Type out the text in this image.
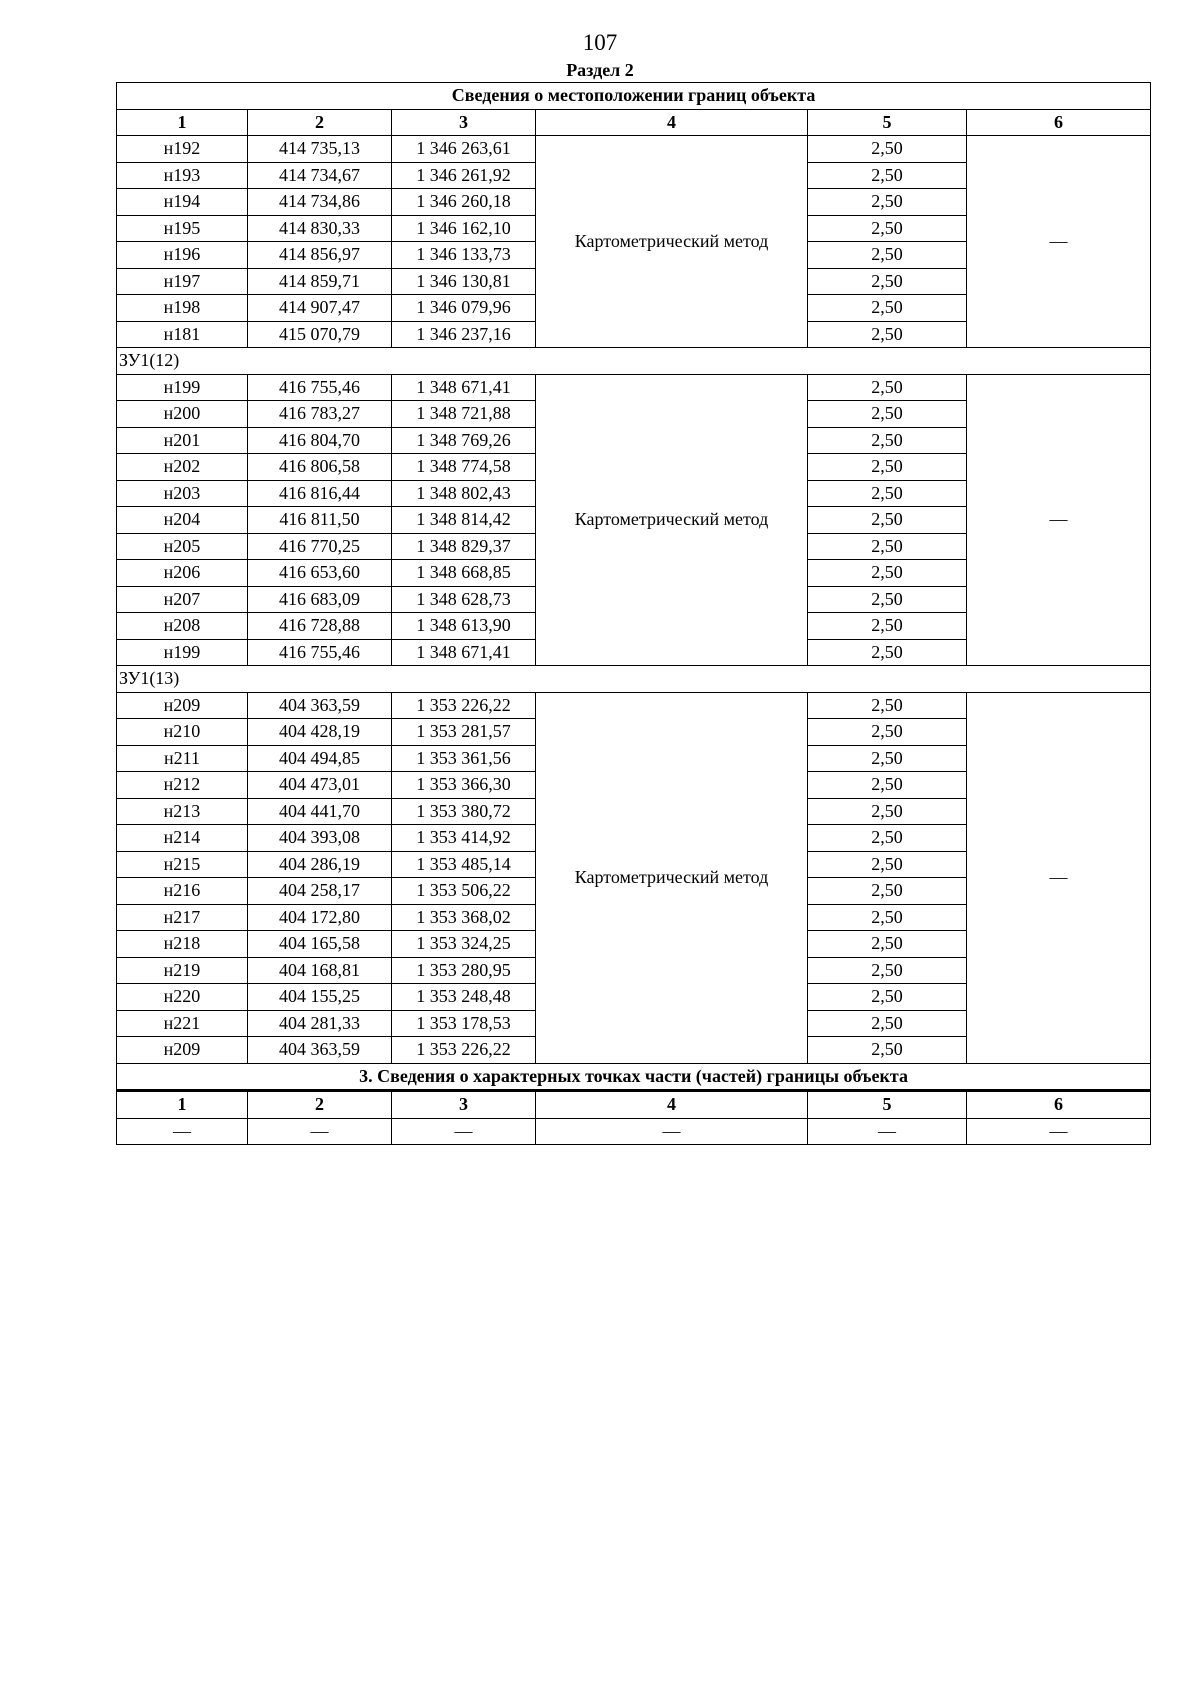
107
Раздел 2
Сведения о местоположении границ объекта					
1	2	3	4	5	6
н192	414 735,13	1 346 263,61	Картометрический метод	2,50	—
н193	414 734,67	1 346 261,92		2,50	
н194	414 734,86	1 346 260,18		2,50	
н195	414 830,33	1 346 162,10		2,50	
н196	414 856,97	1 346 133,73		2,50	
н197	414 859,71	1 346 130,81		2,50	
н198	414 907,47	1 346 079,96		2,50	
н181	415 070,79	1 346 237,16		2,50	
ЗУ1(12)					
н199	416 755,46	1 348 671,41	Картометрический метод	2,50	—
н200	416 783,27	1 348 721,88		2,50	
н201	416 804,70	1 348 769,26		2,50	
н202	416 806,58	1 348 774,58		2,50	
н203	416 816,44	1 348 802,43		2,50	
н204	416 811,50	1 348 814,42		2,50	
н205	416 770,25	1 348 829,37		2,50	
н206	416 653,60	1 348 668,85		2,50	
н207	416 683,09	1 348 628,73		2,50	
н208	416 728,88	1 348 613,90		2,50	
н199	416 755,46	1 348 671,41		2,50	
ЗУ1(13)					
н209	404 363,59	1 353 226,22	Картометрический метод	2,50	—
н210	404 428,19	1 353 281,57		2,50	
н211	404 494,85	1 353 361,56		2,50	
н212	404 473,01	1 353 366,30		2,50	
н213	404 441,70	1 353 380,72		2,50	
н214	404 393,08	1 353 414,92		2,50	
н215	404 286,19	1 353 485,14		2,50	
н216	404 258,17	1 353 506,22		2,50	
н217	404 172,80	1 353 368,02		2,50	
н218	404 165,58	1 353 324,25		2,50	
н219	404 168,81	1 353 280,95		2,50	
н220	404 155,25	1 353 248,48		2,50	
н221	404 281,33	1 353 178,53		2,50	
н209	404 363,59	1 353 226,22		2,50	
3. Сведения о характерных точках части (частей) границы объекта					
1	2	3	4	5	6
—	—	—	—	—	—
